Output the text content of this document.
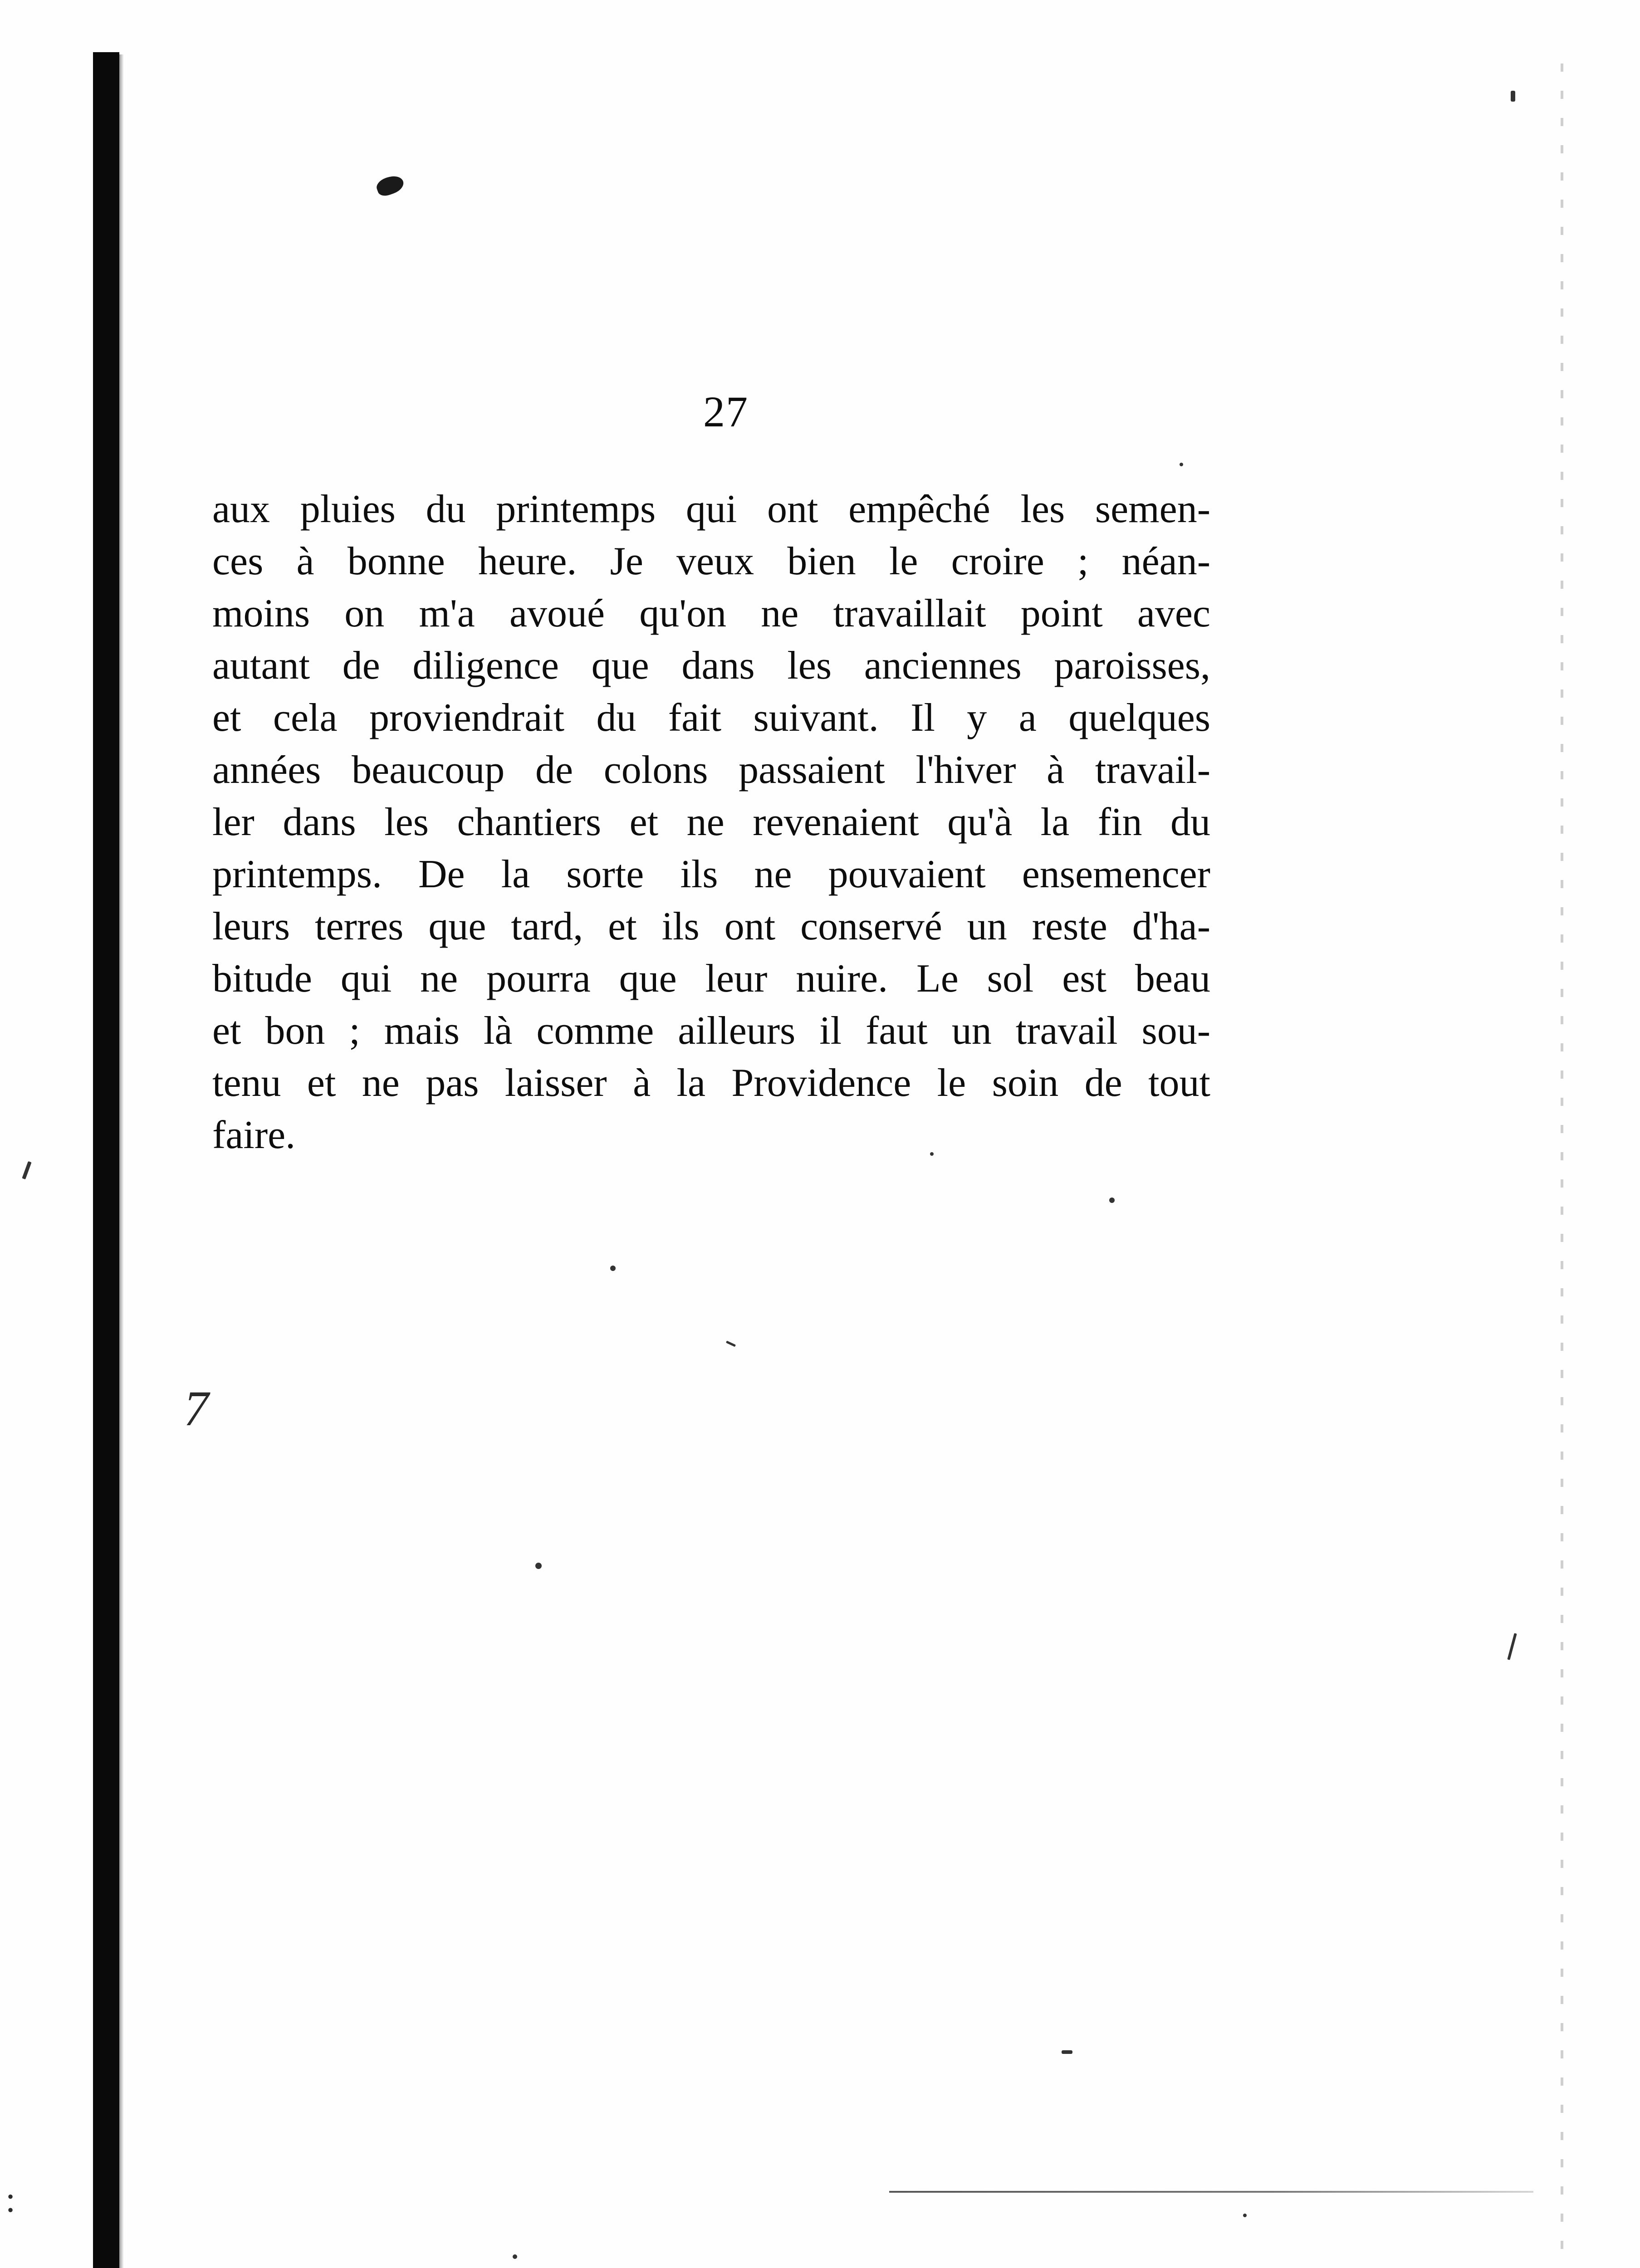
27
aux pluies du printemps qui ont empêché les semen-
ces à bonne heure. Je veux bien le croire ; néan-
moins on m'a avoué qu'on ne travaillait point avec
autant de diligence que dans les anciennes paroisses,
et cela proviendrait du fait suivant. Il y a quelques
années beaucoup de colons passaient l'hiver à travail-
ler dans les chantiers et ne revenaient qu'à la fin du
printemps. De la sorte ils ne pouvaient ensemencer
leurs terres que tard, et ils ont conservé un reste d'ha-
bitude qui ne pourra que leur nuire. Le sol est beau
et bon ; mais là comme ailleurs il faut un travail sou-
tenu et ne pas laisser à la Providence le soin de tout
faire.
7
:
